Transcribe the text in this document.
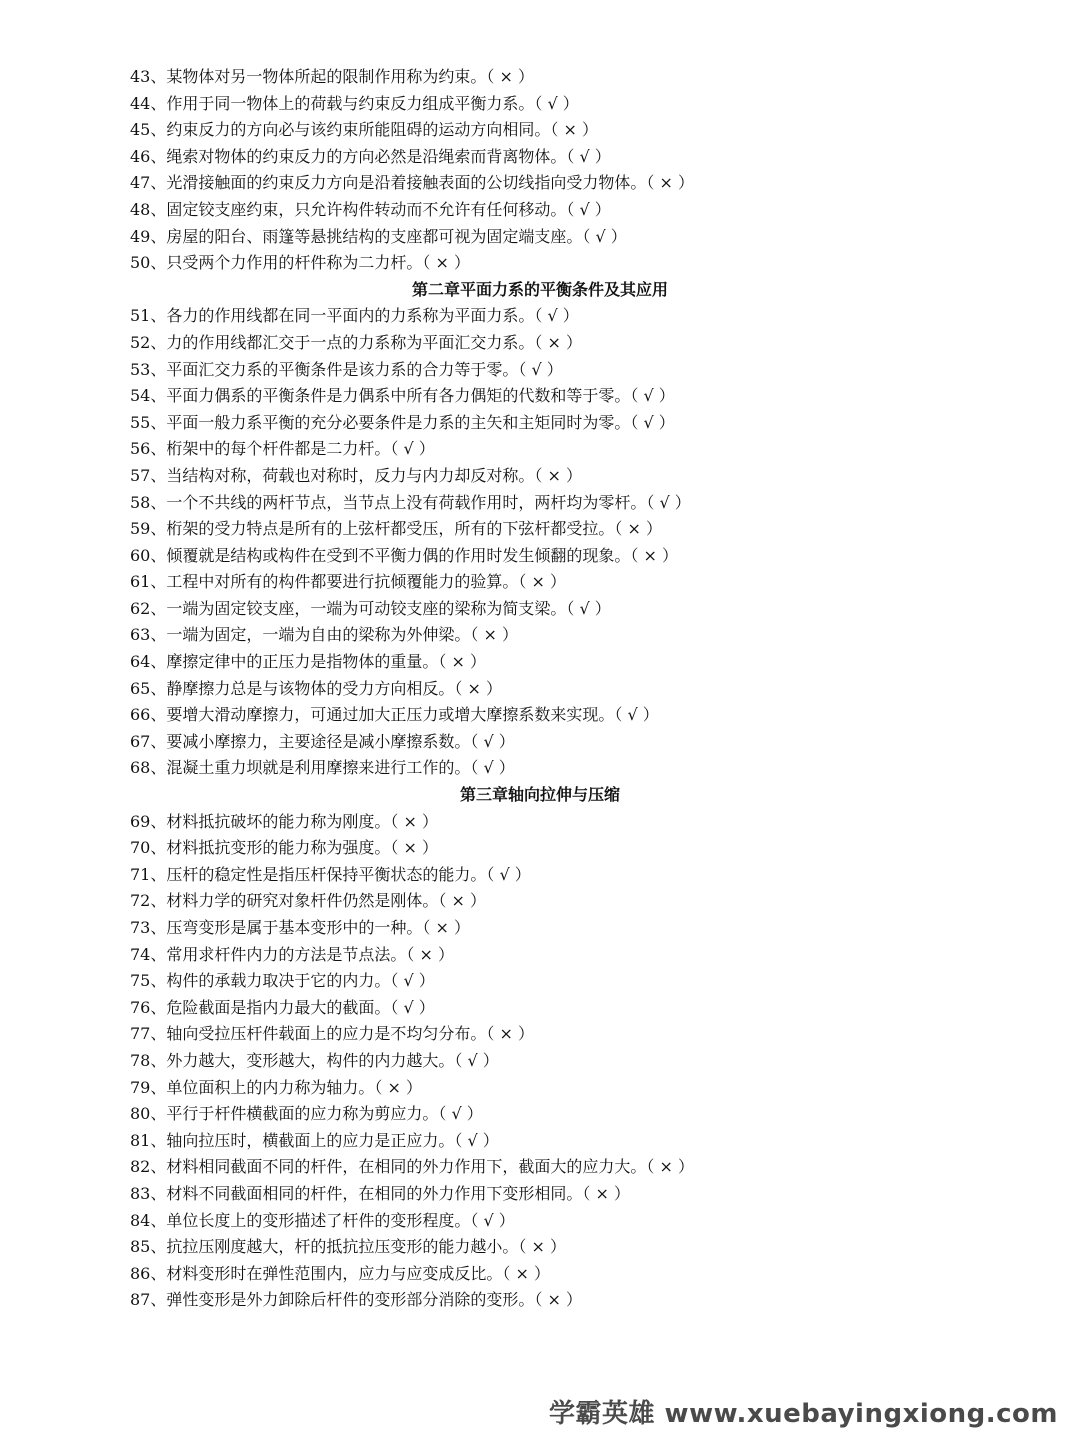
43、某物体对另一物体所起的限制作用称为约束。（ × ）
44、作用于同一物体上的荷载与约束反力组成平衡力系。（ √ ）
45、约束反力的方向必与该约束所能阻碍的运动方向相同。（ × ）
46、绳索对物体的约束反力的方向必然是沿绳索而背离物体。（ √ ）
47、光滑接触面的约束反力方向是沿着接触表面的公切线指向受力物体。（ × ）
48、固定铰支座约束，只允许构件转动而不允许有任何移动。（ √ ）
49、房屋的阳台、雨篷等悬挑结构的支座都可视为固定端支座。（ √ ）
50、只受两个力作用的杆件称为二力杆。（ × ）
第二章平面力系的平衡条件及其应用
51、各力的作用线都在同一平面内的力系称为平面力系。（ √ ）
52、力的作用线都汇交于一点的力系称为平面汇交力系。（ × ）
53、平面汇交力系的平衡条件是该力系的合力等于零。（ √ ）
54、平面力偶系的平衡条件是力偶系中所有各力偶矩的代数和等于零。（ √ ）
55、平面一般力系平衡的充分必要条件是力系的主矢和主矩同时为零。（ √ ）
56、桁架中的每个杆件都是二力杆。（ √ ）
57、当结构对称，荷载也对称时，反力与内力却反对称。（ × ）
58、一个不共线的两杆节点，当节点上没有荷载作用时，两杆均为零杆。（ √ ）
59、桁架的受力特点是所有的上弦杆都受压，所有的下弦杆都受拉。（ × ）
60、倾覆就是结构或构件在受到不平衡力偶的作用时发生倾翻的现象。（ × ）
61、工程中对所有的构件都要进行抗倾覆能力的验算。（ × ）
62、一端为固定铰支座，一端为可动铰支座的梁称为简支梁。（ √ ）
63、一端为固定，一端为自由的梁称为外伸梁。（ × ）
64、摩擦定律中的正压力是指物体的重量。（ × ）
65、静摩擦力总是与该物体的受力方向相反。（ × ）
66、要增大滑动摩擦力，可通过加大正压力或增大摩擦系数来实现。（ √ ）
67、要减小摩擦力，主要途径是减小摩擦系数。（ √ ）
68、混凝土重力坝就是利用摩擦来进行工作的。（ √ ）
第三章轴向拉伸与压缩
69、材料抵抗破坏的能力称为刚度。（ × ）
70、材料抵抗变形的能力称为强度。（ × ）
71、压杆的稳定性是指压杆保持平衡状态的能力。（ √ ）
72、材料力学的研究对象杆件仍然是刚体。（ × ）
73、压弯变形是属于基本变形中的一种。（ × ）
74、常用求杆件内力的方法是节点法。（ × ）
75、构件的承载力取决于它的内力。（ √ ）
76、危险截面是指内力最大的截面。（ √ ）
77、轴向受拉压杆件载面上的应力是不均匀分布。（ × ）
78、外力越大，变形越大，构件的内力越大。（ √ ）
79、单位面积上的内力称为轴力。（ × ）
80、平行于杆件横截面的应力称为剪应力。（ √ ）
81、轴向拉压时，横截面上的应力是正应力。（ √ ）
82、材料相同截面不同的杆件，在相同的外力作用下，截面大的应力大。（ × ）
83、材料不同截面相同的杆件，在相同的外力作用下变形相同。（ × ）
84、单位长度上的变形描述了杆件的变形程度。（ √ ）
85、抗拉压刚度越大，杆的抵抗拉压变形的能力越小。（ × ）
86、材料变形时在弹性范围内，应力与应变成反比。（ × ）
87、弹性变形是外力卸除后杆件的变形部分消除的变形。（ × ）
学霸英雄 www.xuebayingxiong.com
